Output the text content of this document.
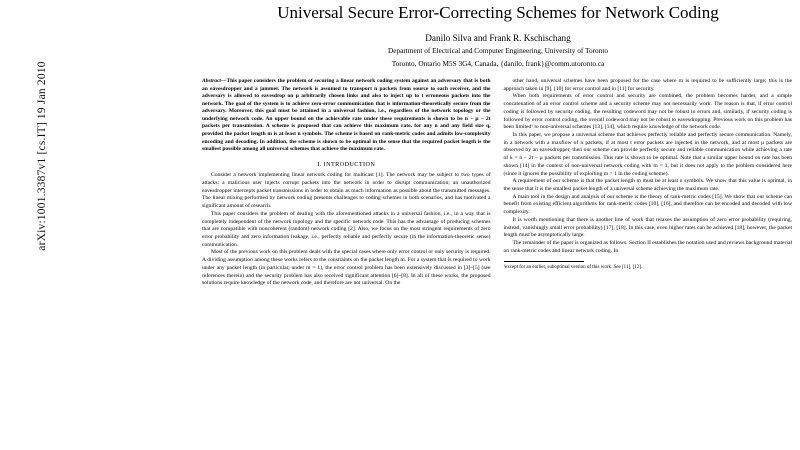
arXiv:1001.3387v1 [cs.IT] 19 Jan 2010
Universal Secure Error-Correcting Schemes for Network Coding
Danilo Silva and Frank R. Kschischang
Department of Electrical and Computer Engineering, University of Toronto
Toronto, Ontario M5S 3G4, Canada, {danilo, frank}@comm.utoronto.ca
Abstract—This paper considers the problem of securing a linear network coding system against an adversary that is both an eavesdropper and a jammer. The network is assumed to transport n packets from source to each receiver, and the adversary is allowed to eavesdrop on μ arbitrarily chosen links and also to inject up to t erroneous packets into the network. The goal of the system is to achieve zero-error communication that is information-theoretically secure from the adversary. Moreover, this goal must be attained in a universal fashion, i.e., regardless of the network topology or the underlying network code. An upper bound on the achievable rate under these requirements is shown to be n − μ − 2t packets per transmission. A scheme is proposed that can achieve this maximum rate, for any n and any field size q, provided the packet length m is at least n symbols. The scheme is based on rank-metric codes and admits low-complexity encoding and decoding. In addition, the scheme is shown to be optimal in the sense that the required packet length is the smallest possible among all universal schemes that achieve the maximum rate.
I. INTRODUCTION

Consider a network implementing linear network coding for multicast [1]. The network may be subject to two types of attacks: a malicious user injects corrupt packets into the network in order to disrupt communication; an unauthorized eavesdropper intercepts packet transmissions in order to obtain as much information as possible about the transmitted messages. The linear mixing performed by network coding presents challenges to coding schemes in both scenarios, and has motivated a significant amount of research.

This paper considers the problem of dealing with the aforementioned attacks in a universal fashion, i.e., in a way that is completely independent of the network topology and the specific network code. This has the advantage of producing schemes that are compatible with noncoherent (random) network coding [2]. Also, we focus on the most stringent requirements of zero error probability and zero information leakage, i.e., perfectly reliable and perfectly secure (in the information-theoretic sense) communication.

Most of the previous work on this problem deals with the special cases where only error control or only security is required. A dividing assumption among these works refers to the constraints on the packet length m. For a system that is required to work under any packet length (in particular, under m = 1), the error control problem has been extensively discussed in [3]–[5] (see references therein) and the security problem has also received significant attention [6]–[8]. In all of these works, the proposed solutions require knowledge of the network code, and therefore are not universal. On the

other hand, universal schemes have been proposed for the case where m is required to be sufficiently large; this is the approach taken in [9], [10] for error control and in [11] for security.

When both requirements of error control and security are combined, the problem becomes harder, and a simple concatenation of an error control scheme and a security scheme may not necessarily work. The reason is that, if error control coding is followed by security coding, the resulting codeword may not be robust to errors and, similarly, if security coding is followed by error control coding, the overall codeword may not be robust to eavesdropping. Previous work on this problem has been limited¹ to non-universal schemes [13], [14], which require knowledge of the network code.

In this paper, we propose a universal scheme that achieves perfectly reliable and perfectly secure communication. Namely, in a network with a maxflow of n packets, if at most t error packets are injected in the network, and at most μ packets are observed by an eavesdropper, then our scheme can provide perfectly secure and reliable communication while achieving a rate of k = n − 2t − μ packets per transmission. This rate is shown to be optimal. Note that a similar upper bound on rate has been shown [14] in the context of non-universal network coding with m = 1, but it does not apply to the problem considered here (since it ignores the possibility of exploiting m > 1 in the coding scheme).

A requirement of our scheme is that the packet length m must be at least n symbols. We show that this value is optimal, in the sense that it is the smallest packet length of a universal scheme achieving the maximum rate.

A main tool in the design and analysis of our scheme is the theory of rank-metric codes [15]. We show that our scheme can benefit from existing efficient algorithms for rank-metric codes [10], [16], and therefore can be encoded and decoded with low complexity.

It is worth mentioning that there is another line of work that relaxes the assumption of zero error probability (requiring, instead, vanishingly small error probability) [17], [18]. In this case, even higher rates can be achieved [18], however, the packet length must be asymptotically large.

The remainder of the paper is organized as follows. Section II establishes the notation used and reviews background material on rank-metric codes and linear network coding. In

¹except for an earlier, suboptimal version of this work. See [11], [12].
